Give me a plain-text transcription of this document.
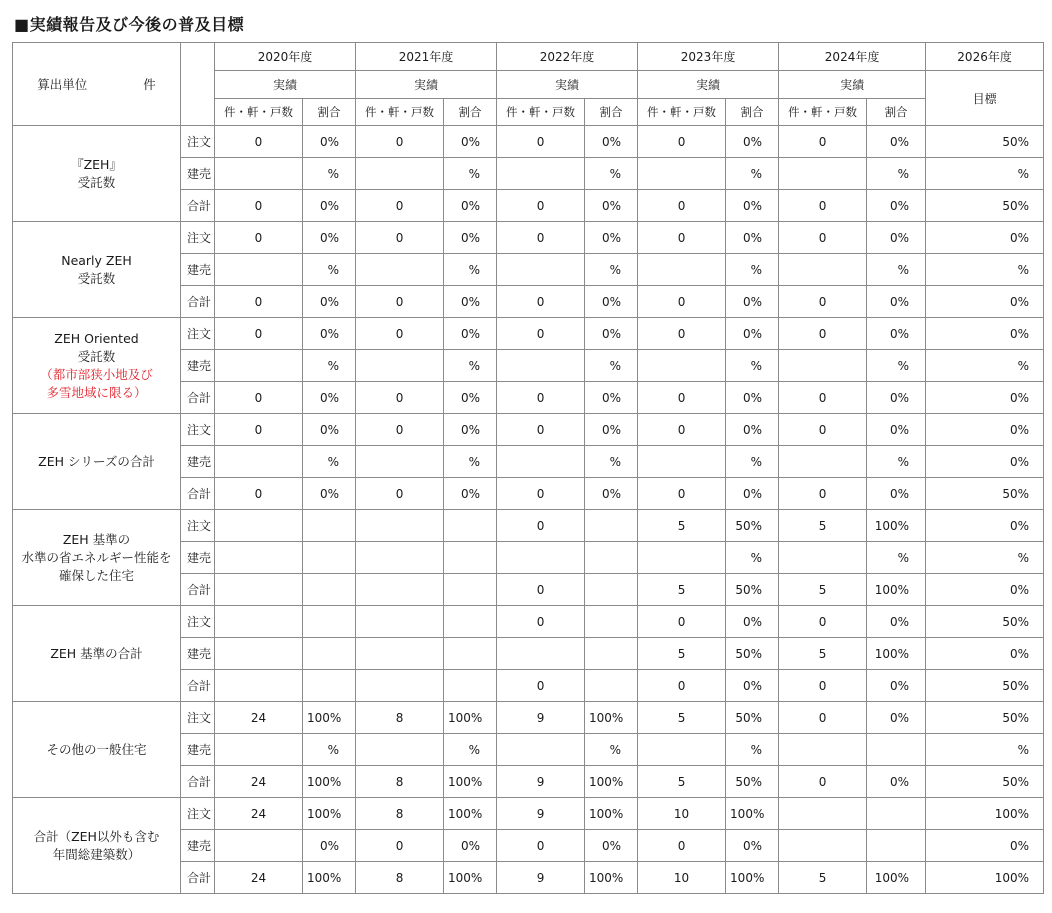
■実績報告及び今後の普及目標
算出単位 件		2020年度		2021年度		2022年度		2023年度		2024年度		2026年度
		実績		実績		実績		実績		実績		目標
		件・軒・戸数	割合	件・軒・戸数	割合	件・軒・戸数	割合	件・軒・戸数	割合	件・軒・戸数	割合	

『ZEH』
受託数	注文	0	0%	0	0%	0	0%	0	0%	0	0%	50%
	建売		%		%		%		%		%	%
	合計	0	0%	0	0%	0	0%	0	0%	0	0%	50%

Nearly ZEH
受託数	注文	0	0%	0	0%	0	0%	0	0%	0	0%	0%
	建売		%		%		%		%		%	%
	合計	0	0%	0	0%	0	0%	0	0%	0	0%	0%

ZEH Oriented
受託数
（都市部狭小地及び
多雪地域に限る）	注文	0	0%	0	0%	0	0%	0	0%	0	0%	0%
	建売		%		%		%		%		%	%
	合計	0	0%	0	0%	0	0%	0	0%	0	0%	0%

ZEH シリーズの合計	注文	0	0%	0	0%	0	0%	0	0%	0	0%	0%
	建売		%		%		%		%		%	0%
	合計	0	0%	0	0%	0	0%	0	0%	0	0%	50%

ZEH 基準の
水準の省エネルギー性能を
確保した住宅	注文					0		5	50%	5	100%	0%
	建売								%		%	%
	合計					0		5	50%	5	100%	0%

ZEH 基準の合計	注文					0		0	0%	0	0%	50%
	建売							5	50%	5	100%	0%
	合計					0		0	0%	0	0%	50%

その他の一般住宅	注文	24	100%	8	100%	9	100%	5	50%	0	0%	50%
	建売		%		%		%		%			%
	合計	24	100%	8	100%	9	100%	5	50%	0	0%	50%

合計（ZEH以外も含む
年間総建築数）	注文	24	100%	8	100%	9	100%	10	100%			100%
	建売		0%	0	0%	0	0%	0	0%			0%
	合計	24	100%	8	100%	9	100%	10	100%	5	100%	100%
